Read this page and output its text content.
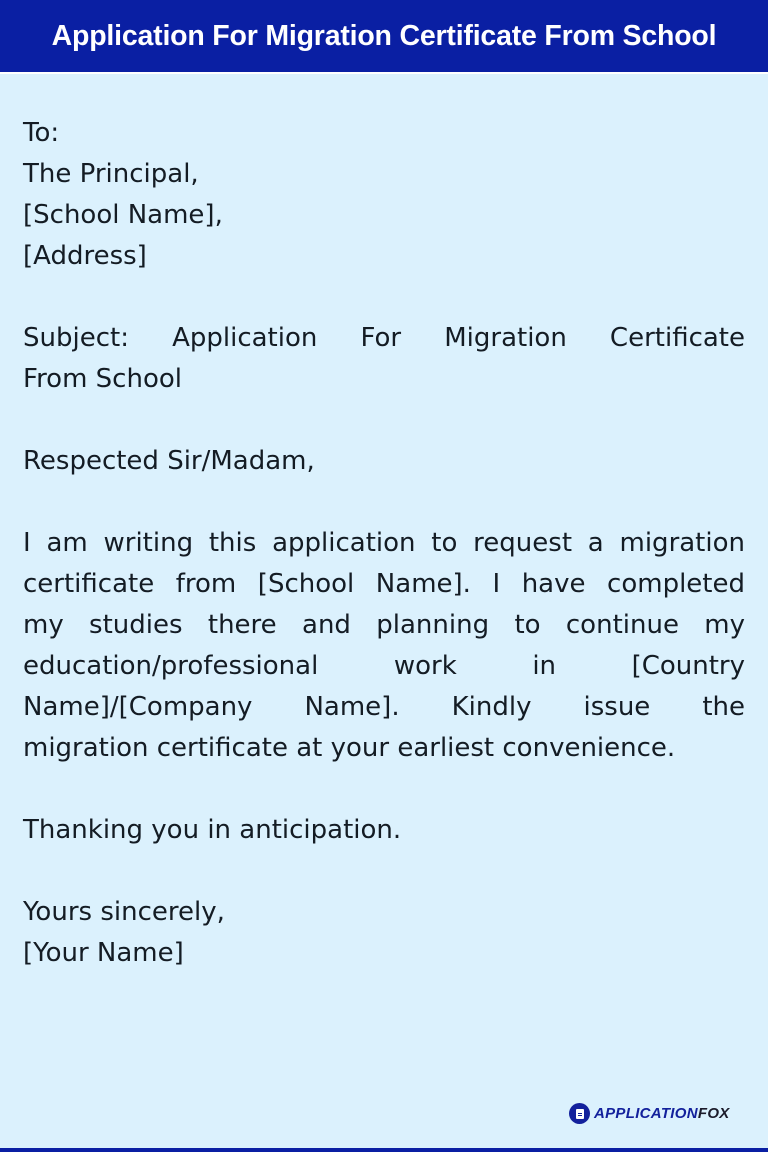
Application For Migration Certificate From School
To:
The Principal,
[School Name],
[Address]
Subject: Application For Migration Certificate
From School
Respected Sir/Madam,
I am writing this application to request a migration
certificate from [School Name]. I have completed
my studies there and planning to continue my
education/professional work in [Country
Name]/[Company Name]. Kindly issue the
migration certificate at your earliest convenience.
Thanking you in anticipation.
Yours sincerely,
[Your Name]
APPLICATIONFOX
